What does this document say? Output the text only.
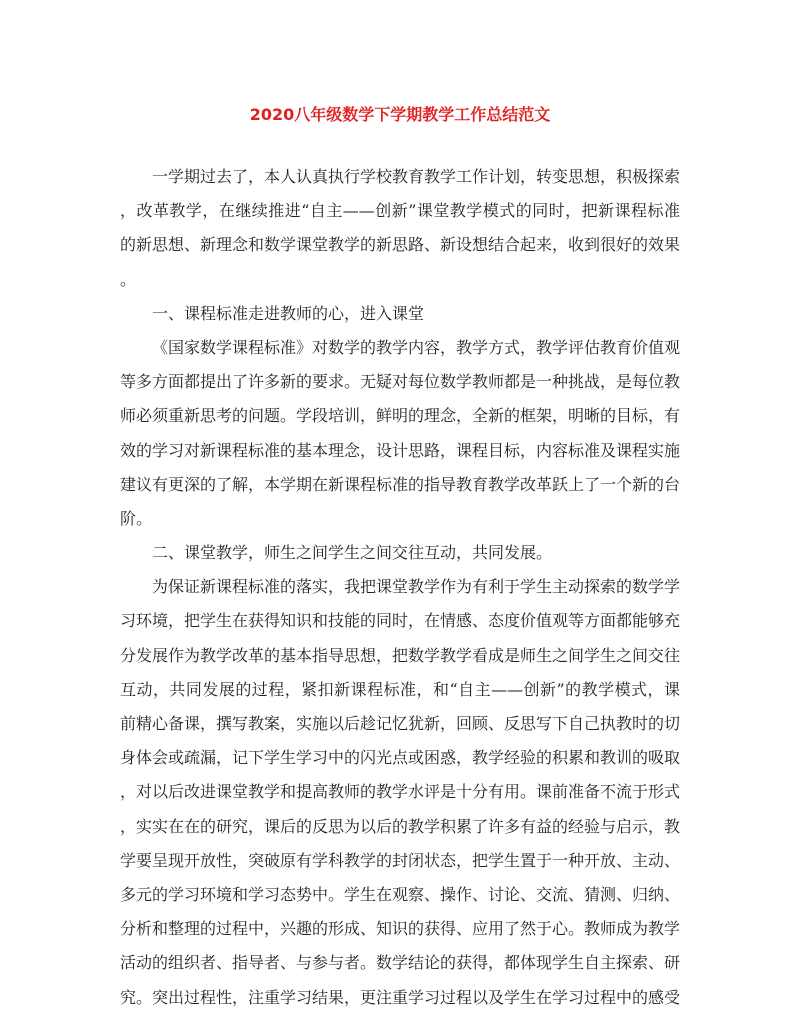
2020八年级数学下学期教学工作总结范文
一学期过去了，本人认真执行学校教育教学工作计划，转变思想，积极探索
，改革教学，在继续推进“自主——创新”课堂教学模式的同时，把新课程标准
的新思想、新理念和数学课堂教学的新思路、新设想结合起来，收到很好的效果
。
一、课程标准走进教师的心，进入课堂
《国家数学课程标准》对数学的教学内容，教学方式，教学评估教育价值观
等多方面都提出了许多新的要求。无疑对每位数学教师都是一种挑战，是每位教
师必须重新思考的问题。学段培训，鲜明的理念，全新的框架，明晰的目标，有
效的学习对新课程标准的基本理念，设计思路，课程目标，内容标准及课程实施
建议有更深的了解，本学期在新课程标准的指导教育教学改革跃上了一个新的台
阶。
二、课堂教学，师生之间学生之间交往互动，共同发展。
为保证新课程标准的落实，我把课堂教学作为有利于学生主动探索的数学学
习环境，把学生在获得知识和技能的同时，在情感、态度价值观等方面都能够充
分发展作为教学改革的基本指导思想，把数学教学看成是师生之间学生之间交往
互动，共同发展的过程，紧扣新课程标准，和“自主——创新”的教学模式，课
前精心备课，撰写教案，实施以后趁记忆犹新，回顾、反思写下自己执教时的切
身体会或疏漏，记下学生学习中的闪光点或困惑，教学经验的积累和教训的吸取
，对以后改进课堂教学和提高教师的教学水评是十分有用。课前准备不流于形式
，实实在在的研究，课后的反思为以后的教学积累了许多有益的经验与启示，教
学要呈现开放性，突破原有学科教学的封闭状态，把学生置于一种开放、主动、
多元的学习环境和学习态势中。学生在观察、操作、讨论、交流、猜测、归纳、
分析和整理的过程中，兴趣的形成、知识的获得、应用了然于心。教师成为教学
活动的组织者、指导者、与参与者。数学结论的获得，都体现学生自主探索、研
究。突出过程性，注重学习结果，更注重学习过程以及学生在学习过程中的感受
